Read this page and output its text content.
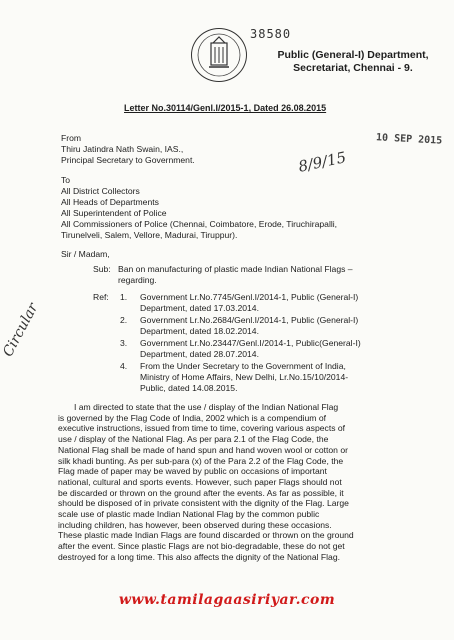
38580
Public (General-I) Department,
Secretariat, Chennai - 9.
Letter No.30114/Genl.I/2015-1, Dated 26.08.2015
From
Thiru Jatindra Nath Swain, IAS.,
Principal Secretary to Government.
10 SEP 2015
8/9/15
To
All District Collectors
All Heads of Departments
All Superintendent of Police
All Commissioners of Police (Chennai, Coimbatore, Erode, Tiruchirapalli,
Tirunelveli, Salem, Vellore, Madurai, Tiruppur).
Sir / Madam,
Sub: Ban on manufacturing of plastic made Indian National Flags –
regarding.
Ref: 1. Government Lr.No.7745/Genl.I/2014-1, Public (General-I)
Department, dated 17.03.2014.
2. Government Lr.No.2684/Genl.I/2014-1, Public (General-I)
Department, dated 18.02.2014.
3. Government Lr.No.23447/Genl.I/2014-1, Public(General-I)
Department, dated 28.07.2014.
4. From the Under Secretary to the Government of India,
Ministry of Home Affairs, New Delhi, Lr.No.15/10/2014-
Public, dated 14.08.2015.
Circular

I am directed to state that the use / display of the Indian National Flag

is governed by the Flag Code of India, 2002 which is a compendium of

executive instructions, issued from time to time, covering various aspects of

use / display of the National Flag. As per para 2.1 of the Flag Code, the

National Flag shall be made of hand spun and hand woven wool or cotton or

silk khadi bunting. As per sub-para (x) of the Para 2.2 of the Flag Code, the

Flag made of paper may be waved by public on occasions of important

national, cultural and sports events. However, such paper Flags should not

be discarded or thrown on the ground after the events. As far as possible, it

should be disposed of in private consistent with the dignity of the Flag. Large

scale use of plastic made Indian National Flag by the common public

including children, has however, been observed during these occasions.

These plastic made Indian Flags are found discarded or thrown on the ground

after the event. Since plastic Flags are not bio-degradable, these do not get

destroyed for a long time. This also affects the dignity of the National Flag.

www.tamilagaasiriyar.com
